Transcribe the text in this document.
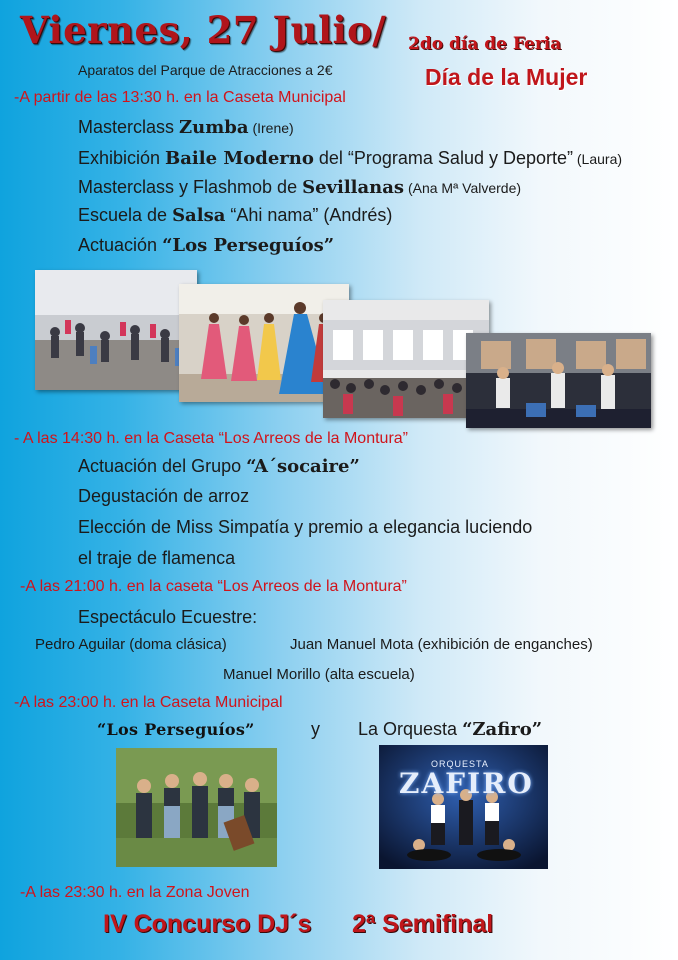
Viernes, 27 Julio/ 2do día de Feria
Aparatos del Parque de Atracciones a 2€	Día de la Mujer
-A partir de las 13:30 h. en la Caseta Municipal
Masterclass Zumba (Irene)
Exhibición Baile Moderno del “Programa Salud y Deporte” (Laura)
Masterclass y Flashmob de Sevillanas (Ana Mª Valverde)
Escuela de Salsa “Ahi nama” (Andrés)
Actuación “Los Perseguíos”
- A las 14:30 h. en la Caseta “Los Arreos de la Montura”
Actuación del Grupo “A´socaire”
Degustación de arroz
Elección de Miss Simpatía y premio a elegancia luciendo
el traje de flamenca
-A las 21:00 h. en la caseta “Los Arreos de la Montura”
Espectáculo Ecuestre:
Pedro Aguilar (doma clásica)	Juan Manuel Mota (exhibición de enganches)
Manuel Morillo (alta escuela)
-A las 23:00 h. en la Caseta Municipal
“Los Perseguíos”	y La Orquesta “Zafiro”
ORQUESTA
ZAFIRO
-A las 23:30 h. en la Zona Joven
IV Concurso DJ´s 2ª Semifinal
